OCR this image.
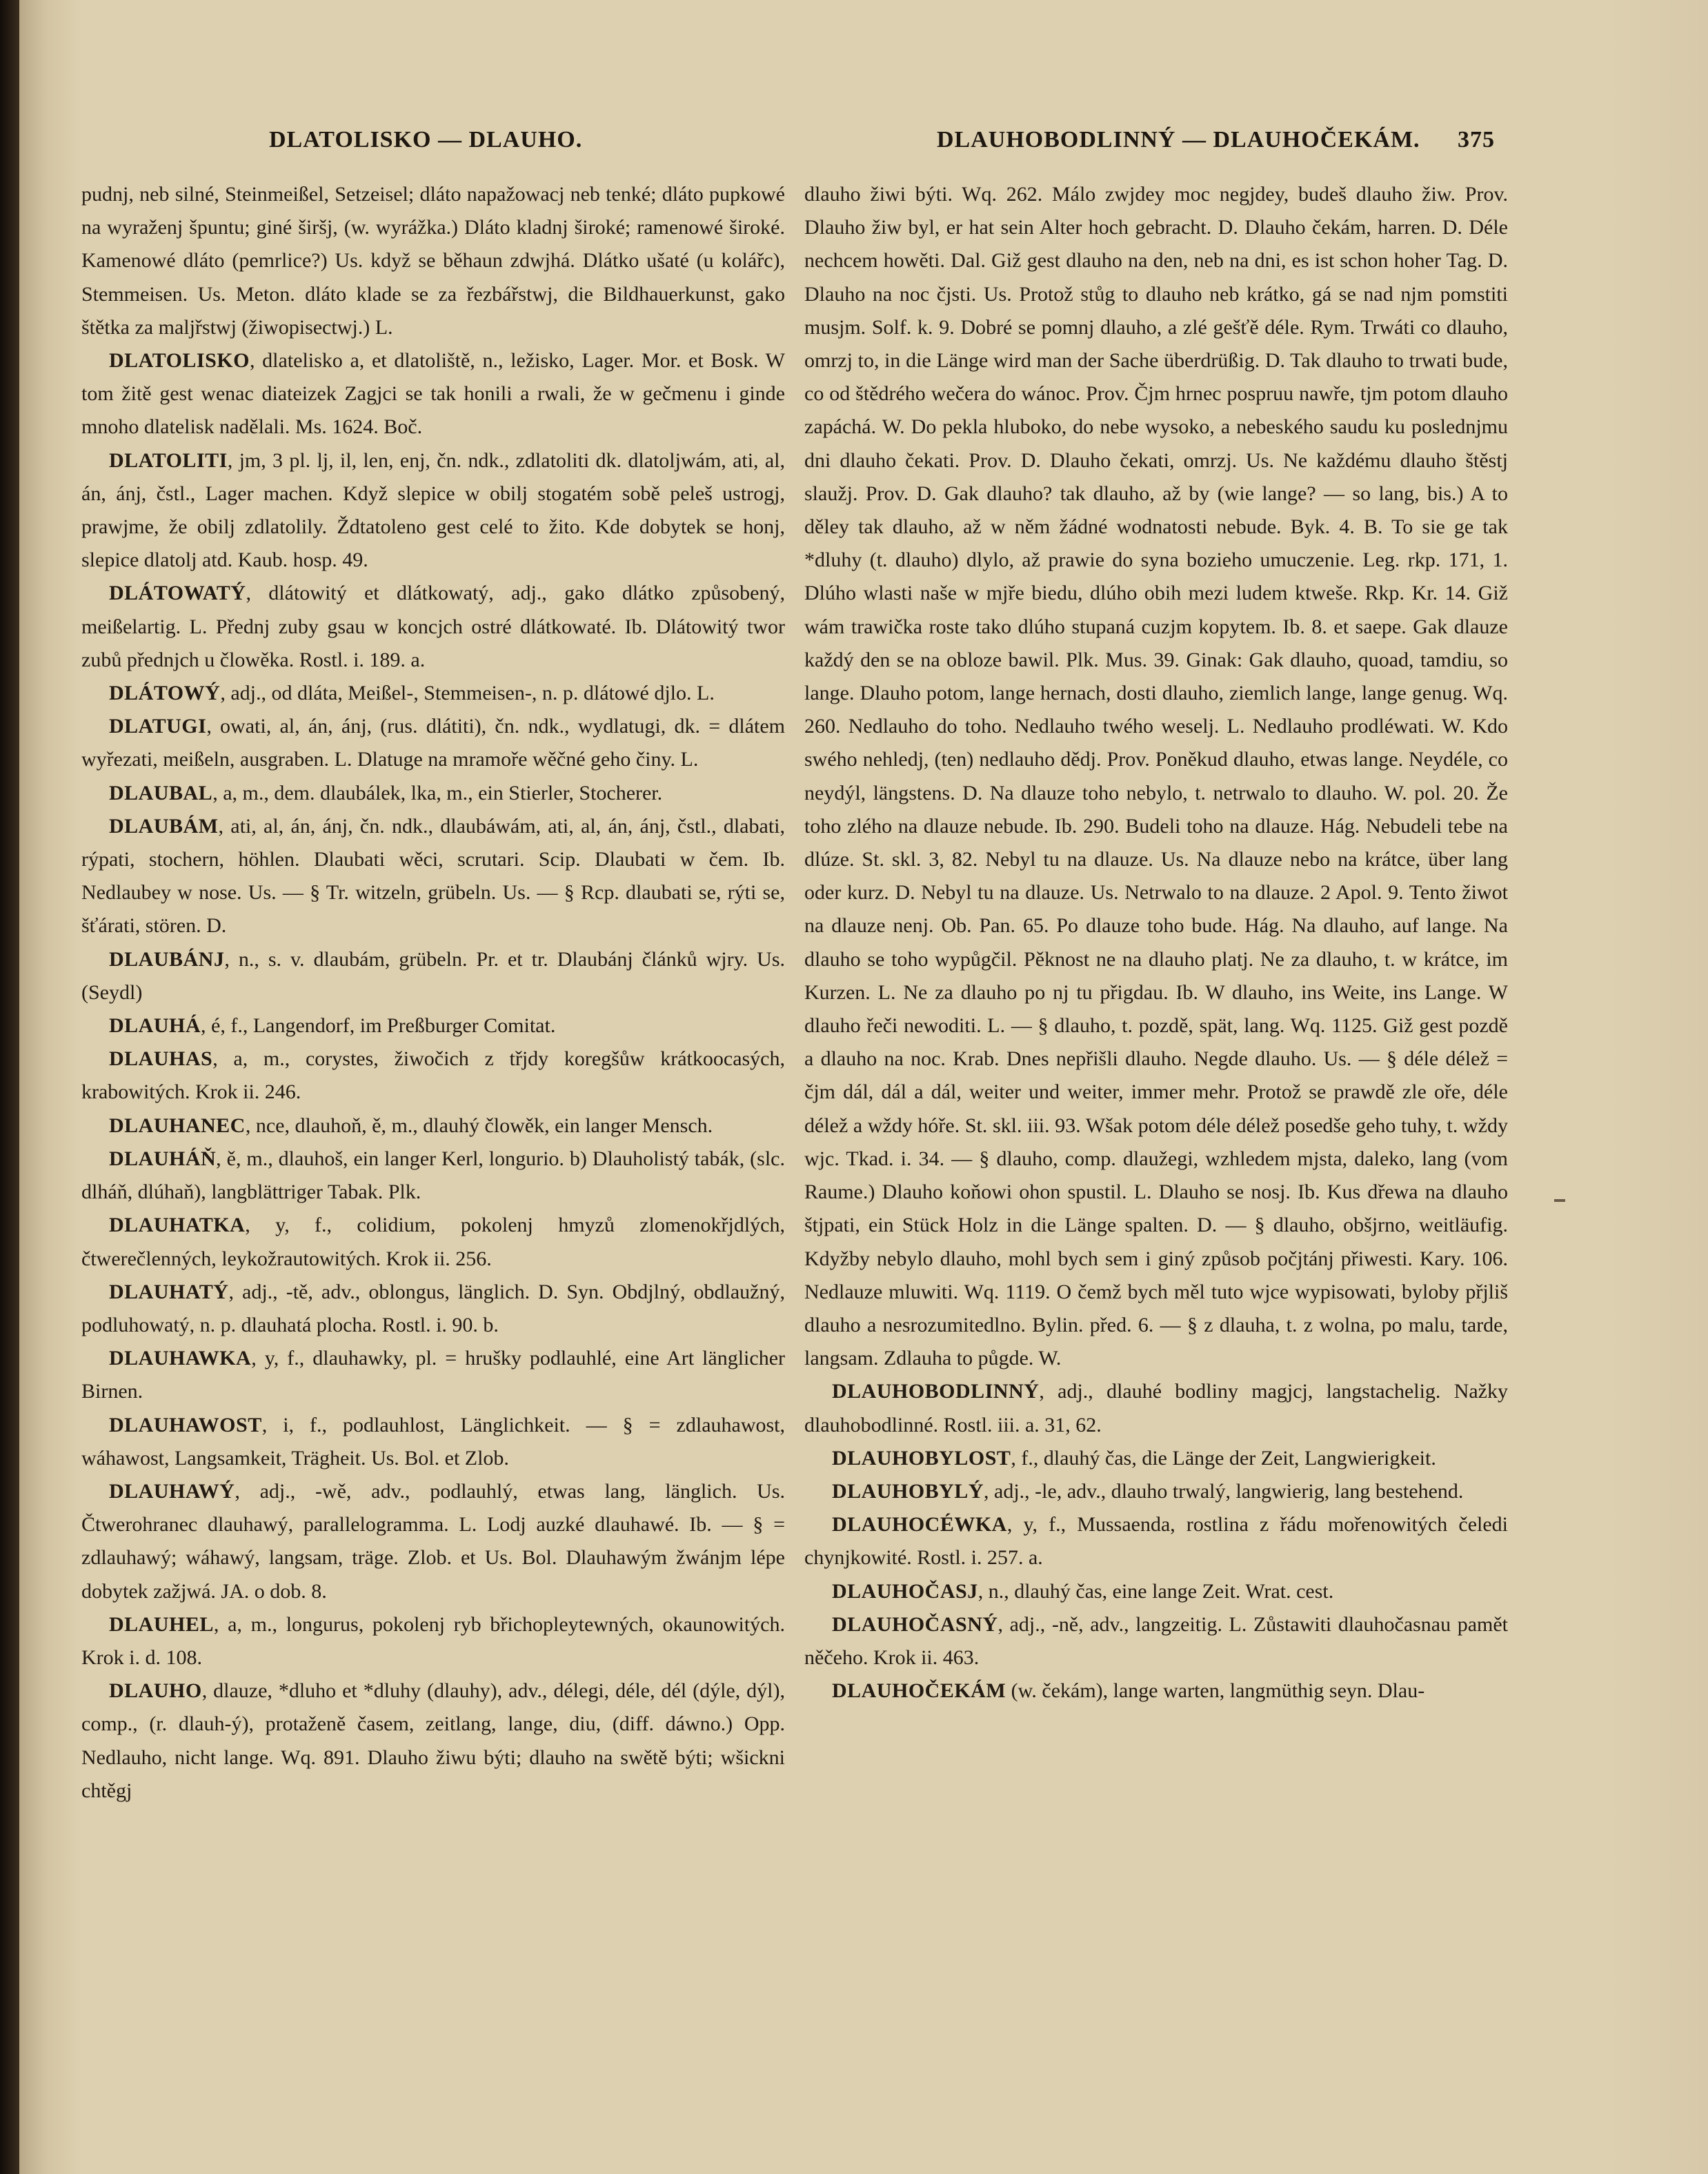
DLATOLISKO — DLAUHO.	DLAUHOBODLINNÝ — DLAUHOČEKÁM. 375

pudnj, neb silné, Steinmeißel, Setzeisel; dláto napažowacj neb tenké; dláto pupkowé na wyraženj špuntu; giné širšj, (w. wyrážka.) Dláto kladnj široké; ramenowé široké. Kamenowé dláto (pemrlice?) Us. když se běhaun zdwjhá. Dlátko ušaté (u kolářc), Stemmeisen. Us. Meton. dláto klade se za řezbářstwj, die Bildhauerkunst, gako štětka za maljřstwj (žiwopisectwj.) L.

DLATOLISKO, dlatelisko a, et dlatoliště, n., ležisko, Lager. Mor. et Bosk. W tom žitě gest wenac diateizek Zagjci se tak honili a rwali, že w gečmenu i ginde mnoho dlatelisk nadělali. Ms. 1624. Boč.

DLATOLITI, jm, 3 pl. lj, il, len, enj, čn. ndk., zdlatoliti dk. dlatoljwám, ati, al, án, ánj, čstl., Lager machen. Když slepice w obilj stogatém sobě peleš ustrogj, prawjme, že obilj zdlatolily. Ždtatoleno gest celé to žito. Kde dobytek se honj, slepice dlatolj atd. Kaub. hosp. 49.

DLÁTOWATÝ, dlátowitý et dlátkowatý, adj., gako dlátko způsobený, meißelartig. L. Přednj zuby gsau w koncjch ostré dlátkowaté. Ib. Dlátowitý twor zubů přednjch u člowěka. Rostl. i. 189. a.

DLÁTOWÝ, adj., od dláta, Meißel-, Stemmeisen-, n. p. dlátowé djlo. L.

DLATUGI, owati, al, án, ánj, (rus. dlátiti), čn. ndk., wydlatugi, dk. = dlátem wyřezati, meißeln, ausgraben. L. Dlatuge na mramoře wěčné geho činy. L.

DLAUBAL, a, m., dem. dlaubálek, lka, m., ein Stierler, Stocherer.

DLAUBÁM, ati, al, án, ánj, čn. ndk., dlaubáwám, ati, al, án, ánj, čstl., dlabati, rýpati, stochern, höhlen. Dlaubati wěci, scrutari. Scip. Dlaubati w čem. Ib. Nedlaubey w nose. Us. — § Tr. witzeln, grübeln. Us. — § Rcp. dlaubati se, rýti se, šťárati, stören. D.

DLAUBÁNJ, n., s. v. dlaubám, grübeln. Pr. et tr. Dlaubánj článků wjry. Us. (Seydl)

DLAUHÁ, é, f., Langendorf, im Preßburger Comitat.

DLAUHAS, a, m., corystes, žiwočich z třjdy koregšůw krátkoocasých, krabowitých. Krok ii. 246.

DLAUHANEC, nce, dlauhoň, ě, m., dlauhý člowěk, ein langer Mensch.

DLAUHÁŇ, ě, m., dlauhoš, ein langer Kerl, longurio. b) Dlauholistý tabák, (slc. dlháň, dlúhaň), langblättriger Tabak. Plk.

DLAUHATKA, y, f., colidium, pokolenj hmyzů zlomenokřjdlých, čtwerečlenných, leykožrautowitých. Krok ii. 256.

DLAUHATÝ, adj., -tě, adv., oblongus, länglich. D. Syn. Obdjlný, obdlaužný, podluhowatý, n. p. dlauhatá plocha. Rostl. i. 90. b.

DLAUHAWKA, y, f., dlauhawky, pl. = hrušky podlauhlé, eine Art länglicher Birnen.

DLAUHAWOST, i, f., podlauhlost, Länglichkeit. — § = zdlauhawost, wáhawost, Langsamkeit, Trägheit. Us. Bol. et Zlob.

DLAUHAWÝ, adj., -wě, adv., podlauhlý, etwas lang, länglich. Us. Čtwerohranec dlauhawý, parallelogramma. L. Lodj auzké dlauhawé. Ib. — § = zdlauhawý; wáhawý, langsam, träge. Zlob. et Us. Bol. Dlauhawým žwánjm lépe dobytek zažjwá. JA. o dob. 8.

DLAUHEL, a, m., longurus, pokolenj ryb břichopleytewných, okaunowitých. Krok i. d. 108.

DLAUHO, dlauze, *dluho et *dluhy (dlauhy), adv., délegi, déle, dél (dýle, dýl), comp., (r. dlauh-ý), protaženě časem, zeitlang, lange, diu, (diff. dáwno.) Opp. Nedlauho, nicht lange. Wq. 891. Dlauho žiwu býti; dlauho na swětě býti; wšickni chtěgj

dlauho žiwi býti. Wq. 262. Málo zwjdey moc negjdey, budeš dlauho žiw. Prov. Dlauho žiw byl, er hat sein Alter hoch gebracht. D. Dlauho čekám, harren. D. Déle nechcem howěti. Dal. Giž gest dlauho na den, neb na dni, es ist schon hoher Tag. D. Dlauho na noc čjsti. Us. Protož stůg to dlauho neb krátko, gá se nad njm pomstiti musjm. Solf. k. 9. Dobré se pomnj dlauho, a zlé gešťě déle. Rym. Trwáti co dlauho, omrzj to, in die Länge wird man der Sache überdrüßig. D. Tak dlauho to trwati bude, co od štědrého wečera do wánoc. Prov. Čjm hrnec pospruu nawře, tjm potom dlauho zapáchá. W. Do pekla hluboko, do nebe wysoko, a nebeského saudu ku poslednjmu dni dlauho čekati. Prov. D. Dlauho čekati, omrzj. Us. Ne každému dlauho štěstj slaužj. Prov. D. Gak dlauho? tak dlauho, až by (wie lange? — so lang, bis.) A to děley tak dlauho, až w něm žádné wodnatosti nebude. Byk. 4. B. To sie ge tak *dluhy (t. dlauho) dlylo, až prawie do syna bozieho umuczenie. Leg. rkp. 171, 1. Dlúho wlasti naše w mjře biedu, dlúho obih mezi ludem ktweše. Rkp. Kr. 14. Giž wám trawička roste tako dlúho stupaná cuzjm kopytem. Ib. 8. et saepe. Gak dlauze každý den se na obloze bawil. Plk. Mus. 39. Ginak: Gak dlauho, quoad, tamdiu, so lange. Dlauho potom, lange hernach, dosti dlauho, ziemlich lange, lange genug. Wq. 260. Nedlauho do toho. Nedlauho twého weselj. L. Nedlauho prodléwati. W. Kdo swého nehledj, (ten) nedlauho dědj. Prov. Poněkud dlauho, etwas lange. Neydéle, co neydýl, längstens. D. Na dlauze toho nebylo, t. netrwalo to dlauho. W. pol. 20. Že toho zlého na dlauze nebude. Ib. 290. Budeli toho na dlauze. Hág. Nebudeli tebe na dlúze. St. skl. 3, 82. Nebyl tu na dlauze. Us. Na dlauze nebo na krátce, über lang oder kurz. D. Nebyl tu na dlauze. Us. Netrwalo to na dlauze. 2 Apol. 9. Tento žiwot na dlauze nenj. Ob. Pan. 65. Po dlauze toho bude. Hág. Na dlauho, auf lange. Na dlauho se toho wypůgčil. Pěknost ne na dlauho platj. Ne za dlauho, t. w krátce, im Kurzen. L. Ne za dlauho po nj tu přigdau. Ib. W dlauho, ins Weite, ins Lange. W dlauho řeči newoditi. L. — § dlauho, t. pozdě, spät, lang. Wq. 1125. Giž gest pozdě a dlauho na noc. Krab. Dnes nepřišli dlauho. Negde dlauho. Us. — § déle délež = čjm dál, dál a dál, weiter und weiter, immer mehr. Protož se prawdě zle oře, déle délež a wždy hóře. St. skl. iii. 93. Wšak potom déle délež posedše geho tuhy, t. wždy wjc. Tkad. i. 34. — § dlauho, comp. dlaužegi, wzhledem mjsta, daleko, lang (vom Raume.) Dlauho koňowi ohon spustil. L. Dlauho se nosj. Ib. Kus dřewa na dlauho štjpati, ein Stück Holz in die Länge spalten. D. — § dlauho, obšjrno, weitläufig. Kdyžby nebylo dlauho, mohl bych sem i giný způsob počjtánj přiwesti. Kary. 106. Nedlauze mluwiti. Wq. 1119. O čemž bych měl tuto wjce wypisowati, byloby přjliš dlauho a nesrozumitedlno. Bylin. před. 6. — § z dlauha, t. z wolna, po malu, tarde, langsam. Zdlauha to půgde. W.

DLAUHOBODLINNÝ, adj., dlauhé bodliny magjcj, langstachelig. Nažky dlauhobodlinné. Rostl. iii. a. 31, 62.

DLAUHOBYLOST, f., dlauhý čas, die Länge der Zeit, Langwierigkeit.

DLAUHOBYLÝ, adj., -le, adv., dlauho trwalý, langwierig, lang bestehend.

DLAUHOCÉWKA, y, f., Mussaenda, rostlina z řádu mořenowitých čeledi chynjkowité. Rostl. i. 257. a.

DLAUHOČASJ, n., dlauhý čas, eine lange Zeit. Wrat. cest.

DLAUHOČASNÝ, adj., -ně, adv., langzeitig. L. Zůstawiti dlauhočasnau pamět něčeho. Krok ii. 463.

DLAUHOČEKÁM (w. čekám), lange warten, langmüthig seyn. Dlau-
